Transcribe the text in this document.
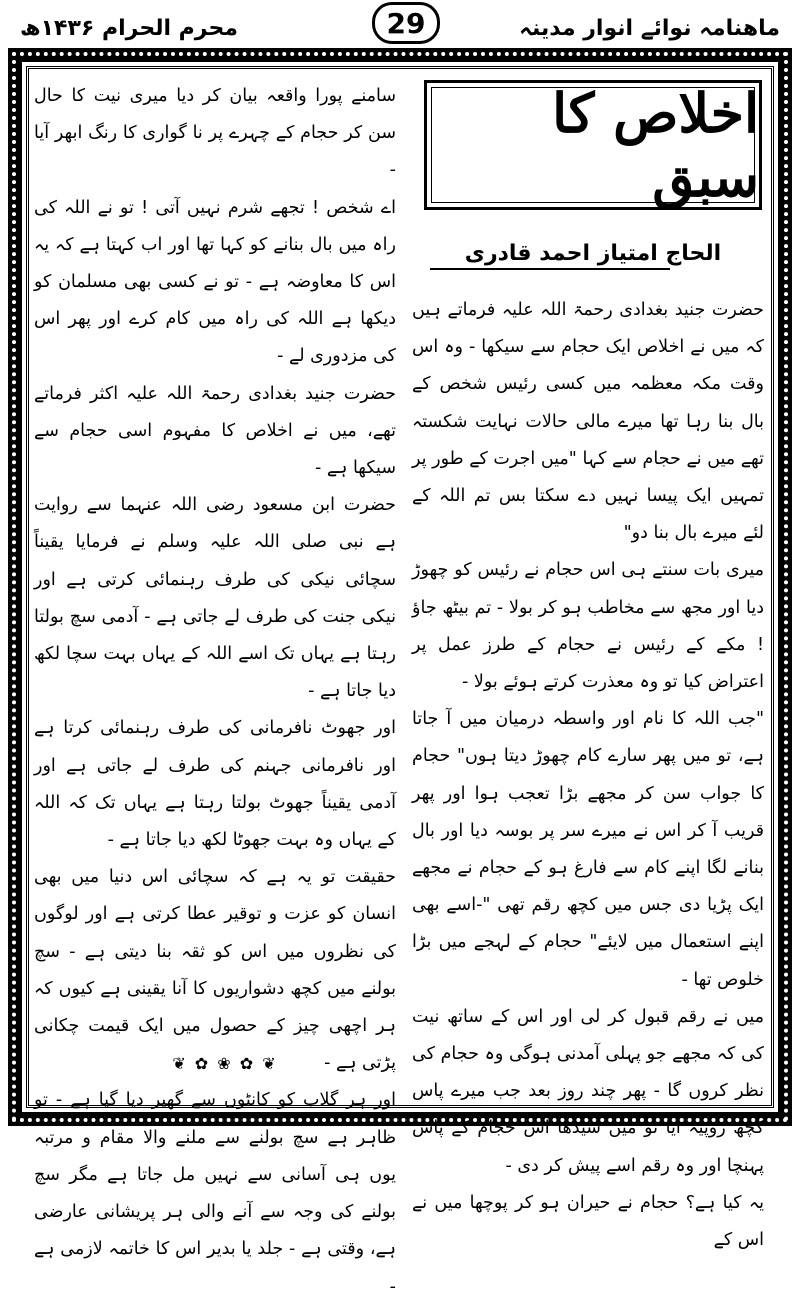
محرم الحرام ۱۴۳۶ھ	ماھنامہ نوائے انوار مدینہ
29
اخلاص کا سبق
الحاج امتیاز احمد قادری

حضرت جنید بغدادی رحمۃ اللہ علیہ فرماتے ہیں کہ میں نے اخلاص ایک حجام سے سیکھا - وہ اس وقت مکہ معظمہ میں کسی رئیس شخص کے بال بنا رہا تھا میرے مالی حالات نہایت شکستہ تھے میں نے حجام سے کہا "میں اجرت کے طور پر تمہیں ایک پیسا نہیں دے سکتا بس تم اللہ کے لئے میرے بال بنا دو"

میری بات سنتے ہی اس حجام نے رئیس کو چھوڑ دیا اور مجھ سے مخاطب ہو کر بولا - تم بیٹھ جاؤ ! مکے کے رئیس نے حجام کے طرز عمل پر اعتراض کیا تو وہ معذرت کرتے ہوئے بولا -

"جب اللہ کا نام اور واسطہ درمیان میں آ جاتا ہے، تو میں پھر سارے کام چھوڑ دیتا ہوں" حجام کا جواب سن کر مجھے بڑا تعجب ہوا اور پھر قریب آ کر اس نے میرے سر پر بوسہ دیا اور بال بنانے لگا اپنے کام سے فارغ ہو کے حجام نے مجھے ایک پڑیا دی جس میں کچھ رقم تھی "-اسے بھی اپنے استعمال میں لایئے" حجام کے لہجے میں بڑا خلوص تھا -

میں نے رقم قبول کر لی اور اس کے ساتھ نیت کی کہ مجھے جو پہلی آمدنی ہوگی وہ حجام کی نظر کروں گا - پھر چند روز بعد جب میرے پاس کچھ روپیہ آیا تو میں سیدھا اس حجام کے پاس پہنچا اور وہ رقم اسے پیش کر دی -

یہ کیا ہے؟ حجام نے حیران ہو کر پوچھا میں نے اس کے

سامنے پورا واقعہ بیان کر دیا میری نیت کا حال سن کر حجام کے چہرے پر نا گواری کا رنگ ابھر آیا -

اے شخص ! تجھے شرم نہیں آتی ! تو نے اللہ کی راہ میں بال بنانے کو کہا تھا اور اب کہتا ہے کہ یہ اس کا معاوضہ ہے - تو نے کسی بھی مسلمان کو دیکھا ہے اللہ کی راہ میں کام کرے اور پھر اس کی مزدوری لے -

حضرت جنید بغدادی رحمۃ اللہ علیہ اکثر فرماتے تھے، میں نے اخلاص کا مفہوم اسی حجام سے سیکھا ہے -

حضرت ابن مسعود رضی اللہ عنہما سے روایت ہے نبی صلی اللہ علیہ وسلم نے فرمایا یقیناً سچائی نیکی کی طرف رہنمائی کرتی ہے اور نیکی جنت کی طرف لے جاتی ہے - آدمی سچ بولتا رہتا ہے یہاں تک اسے اللہ کے یہاں بہت سچا لکھ دیا جاتا ہے -

اور جھوٹ نافرمانی کی طرف رہنمائی کرتا ہے اور نافرمانی جہنم کی طرف لے جاتی ہے اور آدمی یقیناً جھوٹ بولتا رہتا ہے یہاں تک کہ اللہ کے یہاں وہ بہت جھوٹا لکھ دیا جاتا ہے -

حقیقت تو یہ ہے کہ سچائی اس دنیا میں بھی انسان کو عزت و توقیر عطا کرتی ہے اور لوگوں کی نظروں میں اس کو ثقہ بنا دیتی ہے - سچ بولنے میں کچھ دشواریوں کا آنا یقینی ہے کیوں کہ ہر اچھی چیز کے حصول میں ایک قیمت چکانی پڑتی ہے -

اور ہر گلاب کو کانٹوں سے گھیر دیا گیا ہے - تو ظاہر ہے سچ بولنے سے ملنے والا مقام و مرتبہ یوں ہی آسانی سے نہیں مل جاتا ہے مگر سچ بولنے کی وجہ سے آنے والی ہر پریشانی عارضی ہے، وقتی ہے - جلد یا بدیر اس کا خاتمہ لازمی ہے -

❦ ✿ ❀ ✿ ❦
